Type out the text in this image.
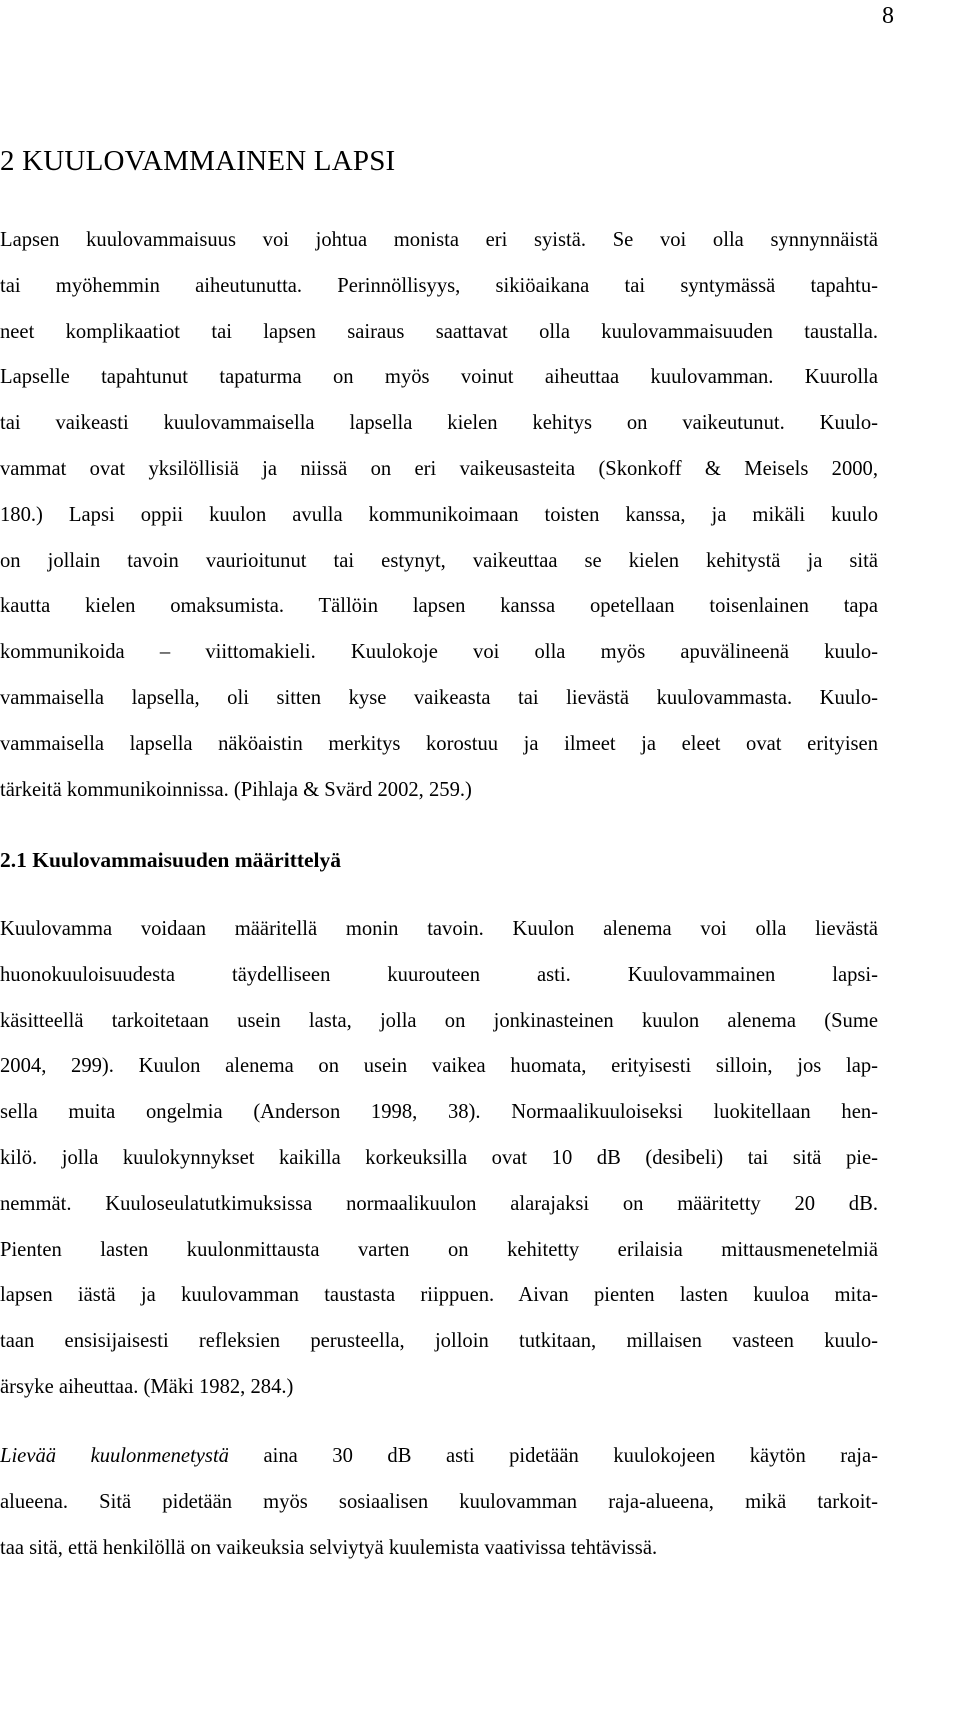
8
2 KUULOVAMMAINEN LAPSI
Lapsen kuulovammaisuus voi johtua monista eri syistä. Se voi olla synnynnäistä
tai myöhemmin aiheutunutta. Perinnöllisyys, sikiöaikana tai syntymässä tapahtu-
neet komplikaatiot tai lapsen sairaus saattavat olla kuulovammaisuuden taustalla.
Lapselle tapahtunut tapaturma on myös voinut aiheuttaa kuulovamman. Kuurolla
tai vaikeasti kuulovammaisella lapsella kielen kehitys on vaikeutunut. Kuulo-
vammat ovat yksilöllisiä ja niissä on eri vaikeusasteita (Skonkoff & Meisels 2000,
180.) Lapsi oppii kuulon avulla kommunikoimaan toisten kanssa, ja mikäli kuulo
on jollain tavoin vaurioitunut tai estynyt, vaikeuttaa se kielen kehitystä ja sitä
kautta kielen omaksumista. Tällöin lapsen kanssa opetellaan toisenlainen tapa
kommunikoida – viittomakieli. Kuulokoje voi olla myös apuvälineenä kuulo-
vammaisella lapsella, oli sitten kyse vaikeasta tai lievästä kuulovammasta. Kuulo-
vammaisella lapsella näköaistin merkitys korostuu ja ilmeet ja eleet ovat erityisen
tärkeitä kommunikoinnissa. (Pihlaja & Svärd 2002, 259.)
2.1 Kuulovammaisuuden määrittelyä
Kuulovamma voidaan määritellä monin tavoin. Kuulon alenema voi olla lievästä
huonokuuloisuudesta täydelliseen kuurouteen asti. Kuulovammainen lapsi-
käsitteellä tarkoitetaan usein lasta, jolla on jonkinasteinen kuulon alenema (Sume
2004, 299). Kuulon alenema on usein vaikea huomata, erityisesti silloin, jos lap-
sella muita ongelmia (Anderson 1998, 38). Normaalikuuloiseksi luokitellaan hen-
kilö. jolla kuulokynnykset kaikilla korkeuksilla ovat 10 dB (desibeli) tai sitä pie-
nemmät. Kuuloseulatutkimuksissa normaalikuulon alarajaksi on määritetty 20 dB.
Pienten lasten kuulonmittausta varten on kehitetty erilaisia mittausmenetelmiä
lapsen iästä ja kuulovamman taustasta riippuen. Aivan pienten lasten kuuloa mita-
taan ensisijaisesti refleksien perusteella, jolloin tutkitaan, millaisen vasteen kuulo-
ärsyke aiheuttaa. (Mäki 1982, 284.)
Lievää kuulonmenetystä aina 30 dB asti pidetään kuulokojeen käytön raja-
alueena. Sitä pidetään myös sosiaalisen kuulovamman raja-alueena, mikä tarkoit-
taa sitä, että henkilöllä on vaikeuksia selviytyä kuulemista vaativissa tehtävissä.
